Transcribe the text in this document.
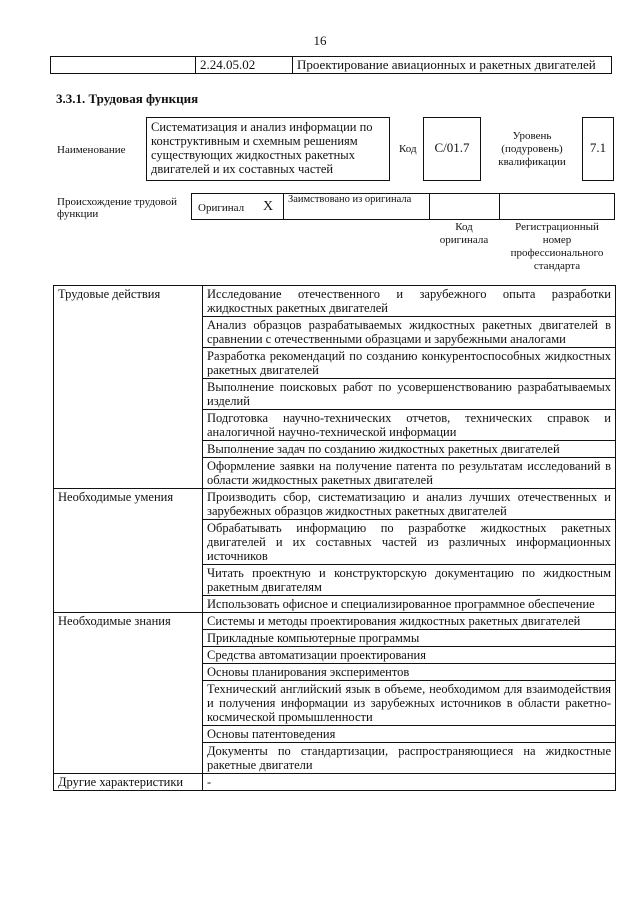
16
2.24.05.02	Проектирование авиационных и ракетных двигателей
3.3.1. Трудовая функция
Наименование
Систематизация и анализ информации по конструктивным и схемным решениям существующих жидкостных ракетных двигателей и их составных частей
Код	C/01.7
Уровень (подуровень) квалификации
7.1
Происхождение трудовой функции	Оригинал X Заимствовано из оригинала
Код оригинала
Регистрационный номер профессионального стандарта
Трудовые действия	Исследование отечественного и зарубежного опыта разработки жидкостных ракетных двигателей
	Анализ образцов разрабатываемых жидкостных ракетных двигателей в сравнении с отечественными образцами и зарубежными аналогами
	Разработка рекомендаций по созданию конкурентоспособных жидкостных ракетных двигателей
	Выполнение поисковых работ по усовершенствованию разрабатываемых изделий
	Подготовка научно-технических отчетов, технических справок и аналогичной научно-технической информации
	Выполнение задач по созданию жидкостных ракетных двигателей
	Оформление заявки на получение патента по результатам исследований в области жидкостных ракетных двигателей
Необходимые умения	Производить сбор, систематизацию и анализ лучших отечественных и зарубежных образцов жидкостных ракетных двигателей
	Обрабатывать информацию по разработке жидкостных ракетных двигателей и их составных частей из различных информационных источников
	Читать проектную и конструкторскую документацию по жидкостным ракетным двигателям
	Использовать офисное и специализированное программное обеспечение
Необходимые знания	Системы и методы проектирования жидкостных ракетных двигателей
	Прикладные компьютерные программы
	Средства автоматизации проектирования
	Основы планирования экспериментов
	Технический английский язык в объеме, необходимом для взаимодействия и получения информации из зарубежных источников в области ракетно-космической промышленности
	Основы патентоведения
	Документы по стандартизации, распространяющиеся на жидкостные ракетные двигатели
Другие характеристики	-
